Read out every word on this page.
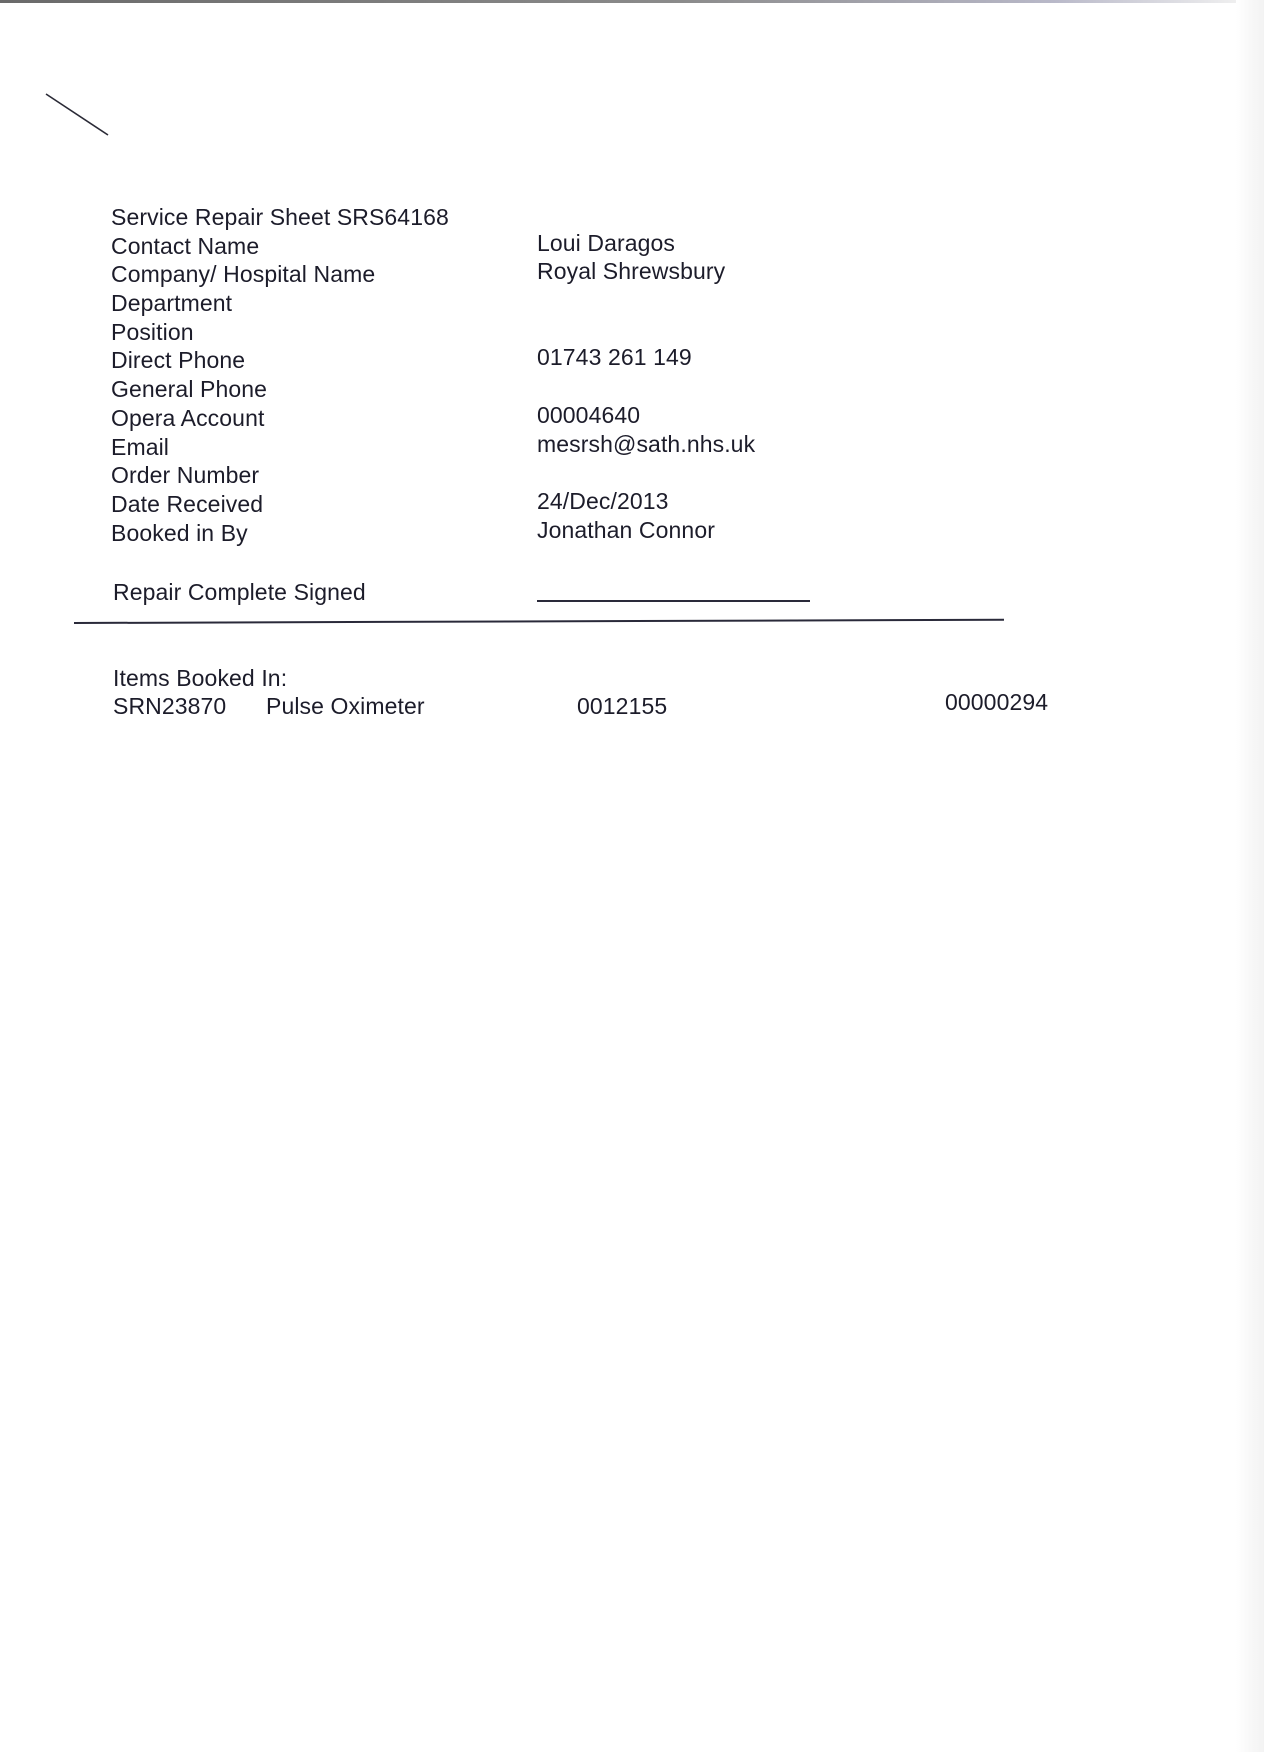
Service Repair Sheet SRS64168
Contact Name	Loui Daragos
Company/ Hospital Name	Royal Shrewsbury
Department
Position
Direct Phone	01743 261 149
General Phone
Opera Account	00004640
Email	mesrsh@sath.nhs.uk
Order Number
Date Received	24/Dec/2013
Booked in By	Jonathan Connor
Repair Complete Signed
Items Booked In:
SRN23870 Pulse Oximeter	0012155	00000294
